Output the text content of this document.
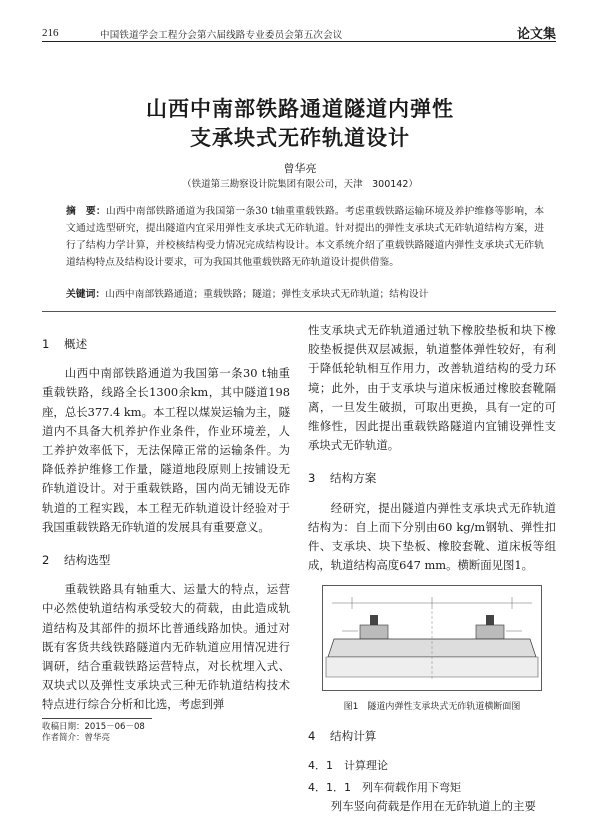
216	中国铁道学会工程分会第六届线路专业委员会第五次会议	论文集
山西中南部铁路通道隧道内弹性
支承块式无砟轨道设计
曾华亮
（铁道第三勘察设计院集团有限公司，天津　300142）
摘　要：山西中南部铁路通道为我国第一条30 t轴重重载铁路。考虑重载铁路运输环境及养护维修等影响，本文通过选型研究，提出隧道内宜采用弹性支承块式无砟轨道。针对提出的弹性支承块式无砟轨道结构方案，进行了结构力学计算，并校核结构受力情况完成结构设计。本文系统介绍了重载铁路隧道内弹性支承块式无砟轨道结构特点及结构设计要求，可为我国其他重载铁路无砟轨道设计提供借鉴。
关键词：山西中南部铁路通道；重载铁路；隧道；弹性支承块式无砟轨道；结构设计
1 概述

山西中南部铁路通道为我国第一条30 t轴重重载铁路，线路全长1300余km，其中隧道198座，总长377.4 km。本工程以煤炭运输为主，隧道内不具备大机养护作业条件，作业环境差，人工养护效率低下，无法保障正常的运输条件。为降低养护维修工作量，隧道地段原则上按铺设无砟轨道设计。对于重载铁路，国内尚无铺设无砟轨道的工程实践，本工程无砟轨道设计经验对于我国重载铁路无砟轨道的发展具有重要意义。

2 结构选型

重载铁路具有轴重大、运量大的特点，运营中必然使轨道结构承受较大的荷载，由此造成轨道结构及其部件的损坏比普通线路加快。通过对既有客货共线铁路隧道内无砟轨道应用情况进行调研，结合重载铁路运营特点，对长枕埋入式、双块式以及弹性支承块式三种无砟轨道结构技术特点进行综合分析和比选，考虑到弹

性支承块式无砟轨道通过轨下橡胶垫板和块下橡胶垫板提供双层减振，轨道整体弹性较好，有利于降低轮轨相互作用力，改善轨道结构的受力环境；此外，由于支承块与道床板通过橡胶套靴隔离，一旦发生破损，可取出更换，具有一定的可维修性，因此提出重载铁路隧道内宜铺设弹性支承块式无砟轨道。

3 结构方案

经研究，提出隧道内弹性支承块式无砟轨道结构为：自上而下分别由60 kg/m钢轨、弹性扣件、支承块、块下垫板、橡胶套靴、道床板等组成，轨道结构高度647 mm。横断面见图1。

图1　隧道内弹性支承块式无砟轨道横断面图
4 结构计算
4．1　计算理论
4．1．1　列车荷载作用下弯矩

列车竖向荷载是作用在无砟轨道上的主要

收稿日期：2015－06－08
作者简介：曾华亮
